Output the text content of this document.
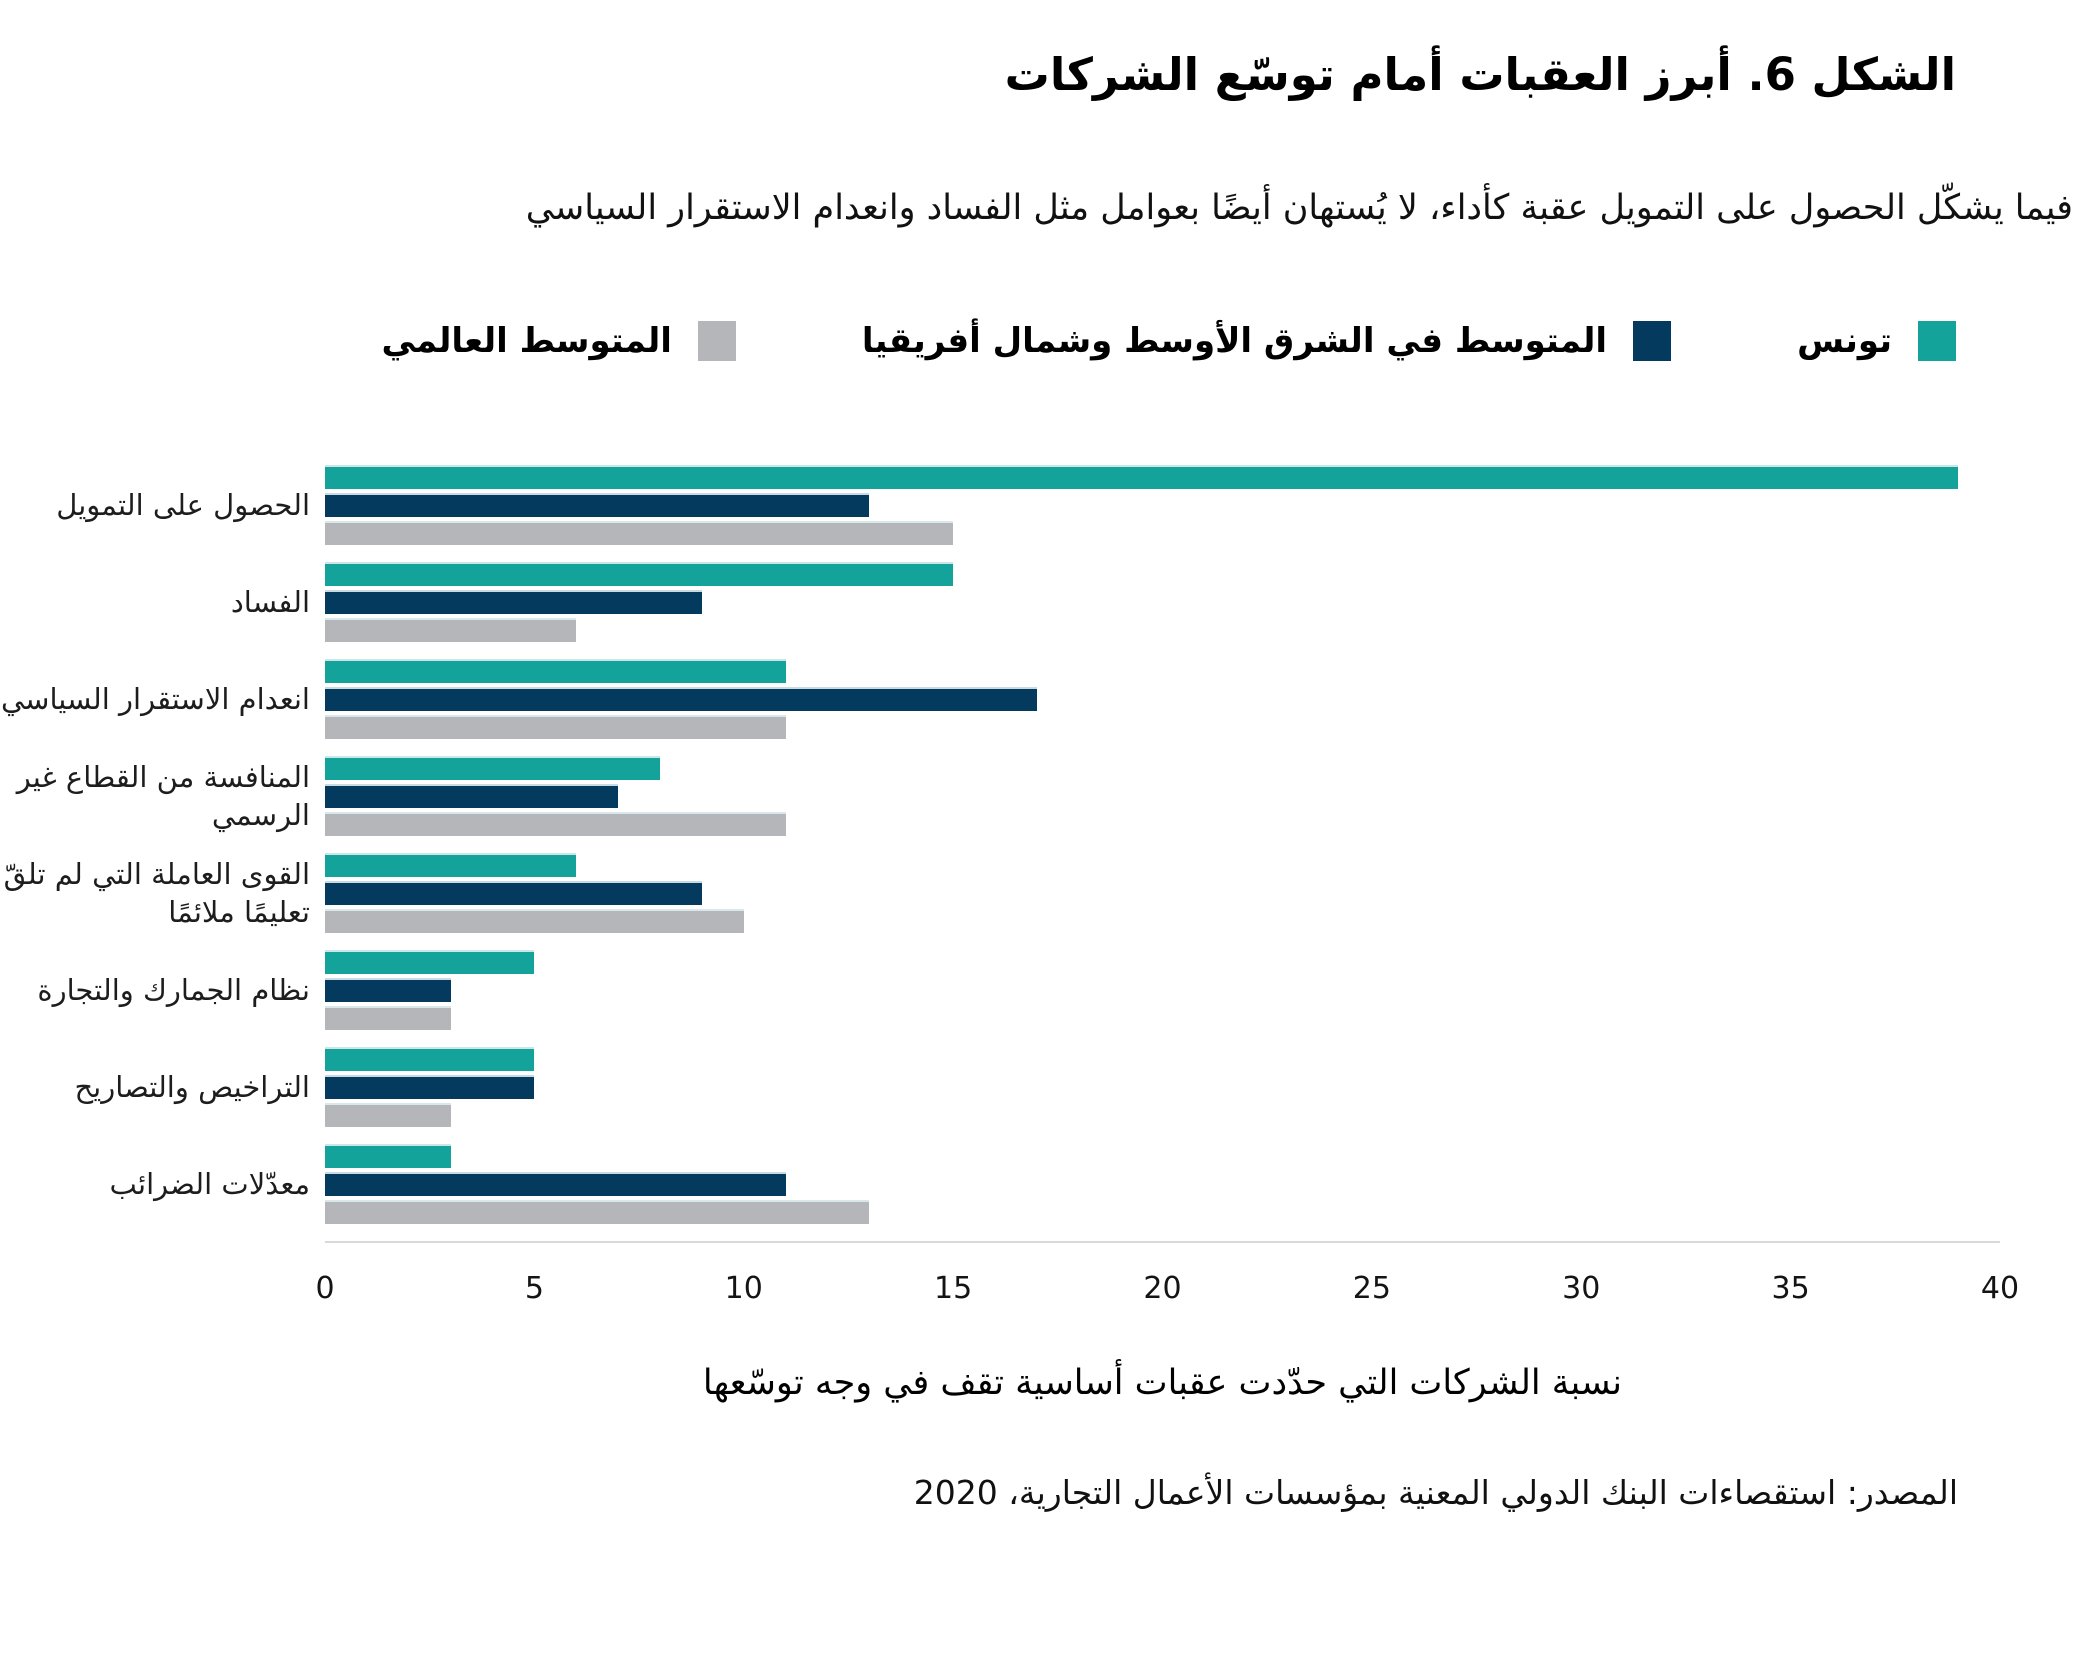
الشكل 6. أبرز العقبات أمام توسّع الشركات

فيما يشكّل الحصول على التمويل عقبة كأداء، لا يُستهان أيضًا بعوامل مثل الفساد وانعدام الاستقرار السياسي

تونس
المتوسط في الشرق الأوسط وشمال أفريقيا
المتوسط العالمي
الحصول على التمويل
الفساد
انعدام الاستقرار السياسي
المنافسة من القطاع غير الرسمي
القوى العاملة التي لم تلقّ تعليمًا ملائمًا
نظام الجمارك والتجارة
التراخيص والتصاريح
معدّلات الضرائب
0	5	10	15	20	25	30	35	40

نسبة الشركات التي حدّدت عقبات أساسية تقف في وجه توسّعها

المصدر: استقصاءات البنك الدولي المعنية بمؤسسات الأعمال التجارية، 2020
